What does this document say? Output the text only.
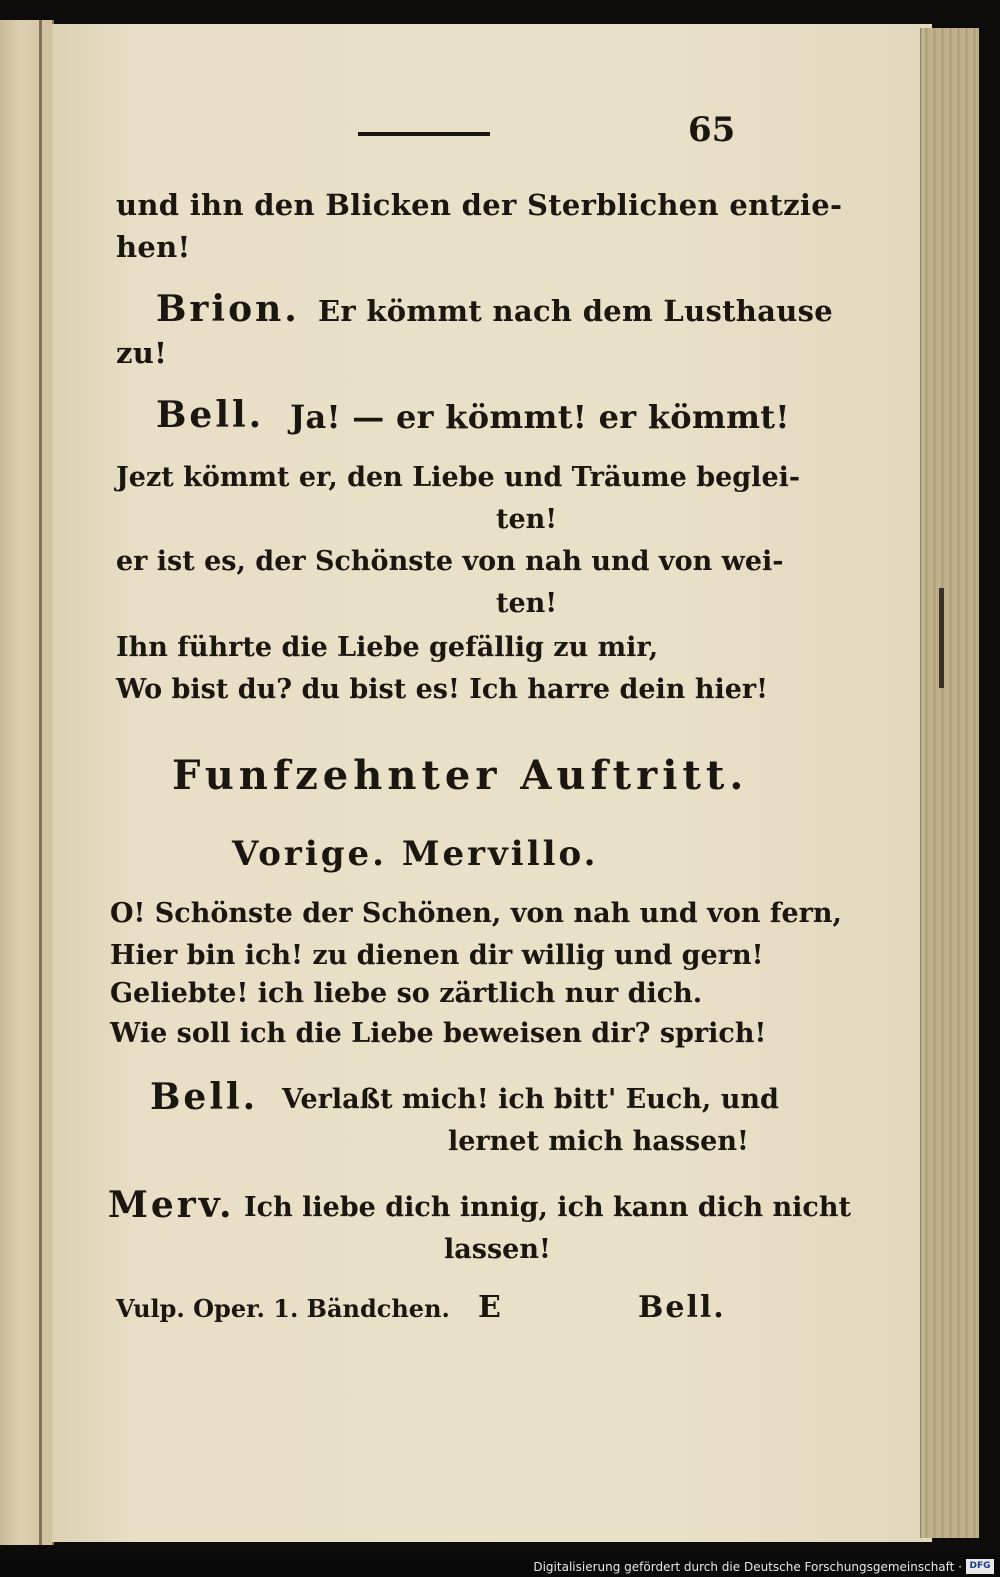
65
und ihn den Blicken der Sterblichen entzie-
hen!
Brion. Er kömmt nach dem Lusthause
zu!
Bell. Ja! — er kömmt! er kömmt!
Jezt kömmt er, den Liebe und Träume beglei-
ten!
er ist es, der Schönste von nah und von wei-
ten!
Ihn führte die Liebe gefällig zu mir,
Wo bist du? du bist es! Ich harre dein hier!
Funfzehnter Auftritt.
Vorige. Mervillo.
O! Schönste der Schönen, von nah und von fern,
Hier bin ich! zu dienen dir willig und gern!
Geliebte! ich liebe so zärtlich nur dich.
Wie soll ich die Liebe beweisen dir? sprich!
Bell. Verlaßt mich! ich bitt' Euch, und
lernet mich hassen!
Merv. Ich liebe dich innig, ich kann dich nicht
lassen!
Vulp. Oper. 1. Bändchen. E	Bell.
Digitalisierung gefördert durch die Deutsche Forschungsgemeinschaft · DFG
